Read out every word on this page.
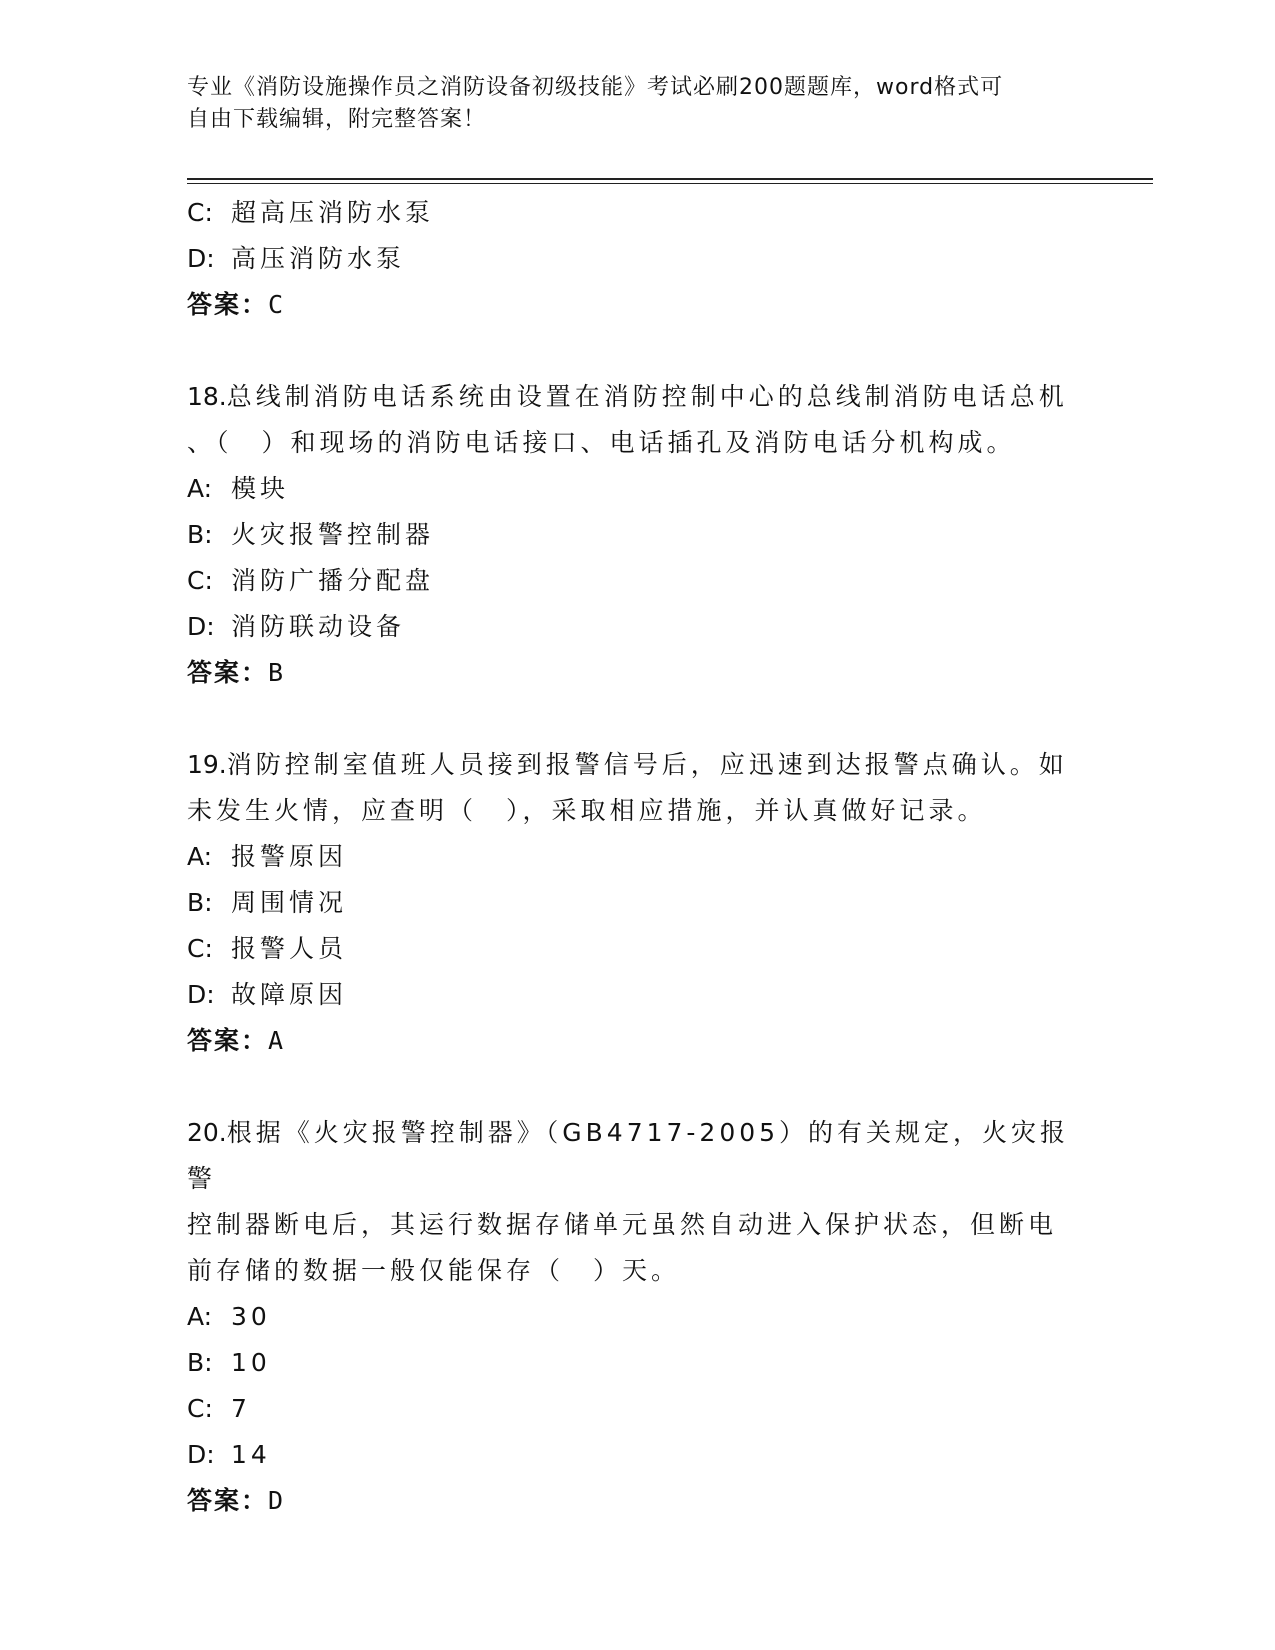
专业《消防设施操作员之消防设备初级技能》考试必刷200题题库，word格式可
自由下载编辑，附完整答案！
C: 超高压消防水泵
D: 高压消防水泵
答案：C
18.总线制消防电话系统由设置在消防控制中心的总线制消防电话总机
、（　）和现场的消防电话接口、电话插孔及消防电话分机构成。
A: 模块
B: 火灾报警控制器
C: 消防广播分配盘
D: 消防联动设备
答案：B
19.消防控制室值班人员接到报警信号后，应迅速到达报警点确认。如
未发生火情，应查明（　），采取相应措施，并认真做好记录。
A: 报警原因
B: 周围情况
C: 报警人员
D: 故障原因
答案：A
20.根据《火灾报警控制器》（GB4717-2005）的有关规定，火灾报警
控制器断电后，其运行数据存储单元虽然自动进入保护状态，但断电
前存储的数据一般仅能保存（　）天。
A: 30
B: 10
C: 7
D: 14
答案：D
